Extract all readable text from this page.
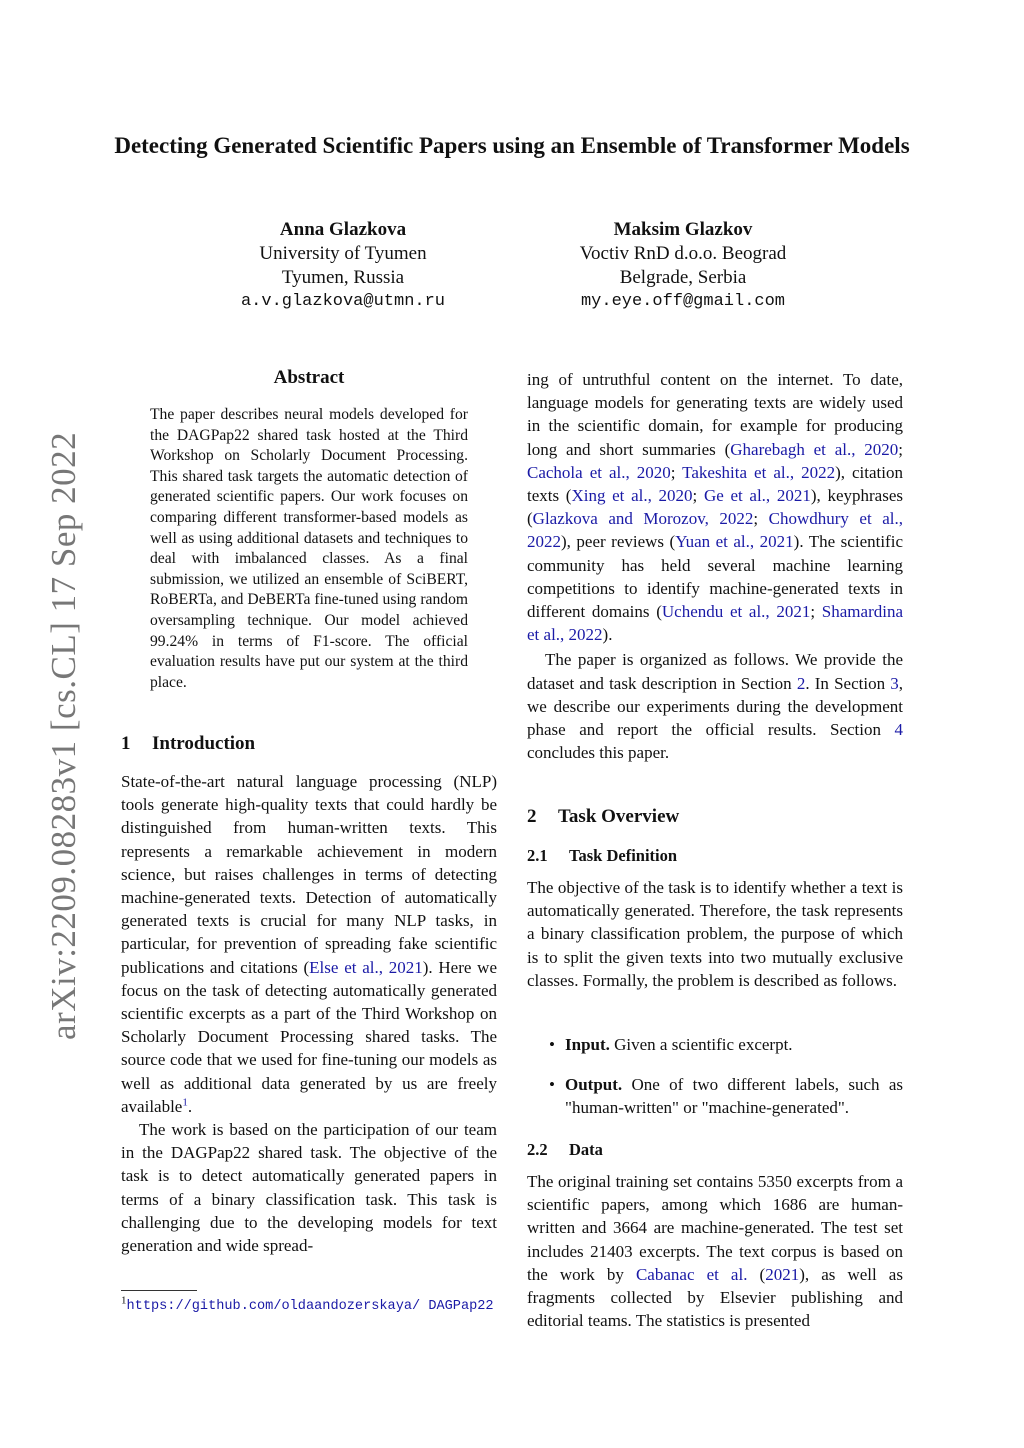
arXiv:2209.08283v1 [cs.CL] 17 Sep 2022
Detecting Generated Scientific Papers using an Ensemble of Transformer Models
Anna Glazkova
University of Tyumen
Tyumen, Russia
a.v.glazkova@utmn.ru
Maksim Glazkov
Voctiv RnD d.o.o. Beograd
Belgrade, Serbia
my.eye.off@gmail.com
Abstract
The paper describes neural models developed for the DAGPap22 shared task hosted at the Third Workshop on Scholarly Document Processing. This shared task targets the automatic detection of generated scientific papers. Our work focuses on comparing different transformer-based models as well as using additional datasets and techniques to deal with imbalanced classes. As a final submission, we utilized an ensemble of SciBERT, RoBERTa, and DeBERTa fine-tuned using random oversampling technique. Our model achieved 99.24% in terms of F1-score. The official evaluation results have put our system at the third place.
1 Introduction

State-of-the-art natural language processing (NLP) tools generate high-quality texts that could hardly be distinguished from human-written texts. This represents a remarkable achievement in modern science, but raises challenges in terms of detecting machine-generated texts. Detection of automatically generated texts is crucial for many NLP tasks, in particular, for prevention of spreading fake scientific publications and citations (Else et al., 2021). Here we focus on the task of detecting automatically generated scientific excerpts as a part of the Third Workshop on Scholarly Document Processing shared tasks. The source code that we used for fine-tuning our models as well as additional data generated by us are freely available$^1$.

The work is based on the participation of our team in the DAGPap22 shared task. The objective of the task is to detect automatically generated papers in terms of a binary classification task. This task is challenging due to the developing models for text generation and wide spread-

$^1$https://github.com/oldaandozerskaya/ DAGPap22

ing of untruthful content on the internet. To date, language models for generating texts are widely used in the scientific domain, for example for producing long and short summaries (Gharebagh et al., 2020; Cachola et al., 2020; Takeshita et al., 2022), citation texts (Xing et al., 2020; Ge et al., 2021), keyphrases (Glazkova and Morozov, 2022; Chowdhury et al., 2022), peer reviews (Yuan et al., 2021). The scientific community has held several machine learning competitions to identify machine-generated texts in different domains (Uchendu et al., 2021; Shamardina et al., 2022).

The paper is organized as follows. We provide the dataset and task description in Section 2. In Section 3, we describe our experiments during the development phase and report the official results. Section 4 concludes this paper.

2 Task Overview
2.1 Task Definition

The objective of the task is to identify whether a text is automatically generated. Therefore, the task represents a binary classification problem, the purpose of which is to split the given texts into two mutually exclusive classes. Formally, the problem is described as follows.

• Input. Given a scientific excerpt.
• Output. One of two different labels, such as "human-written" or "machine-generated".
2.2 Data

The original training set contains 5350 excerpts from a scientific papers, among which 1686 are human-written and 3664 are machine-generated. The test set includes 21403 excerpts. The text corpus is based on the work by Cabanac et al. (2021), as well as fragments collected by Elsevier publishing and editorial teams. The statistics is presented
